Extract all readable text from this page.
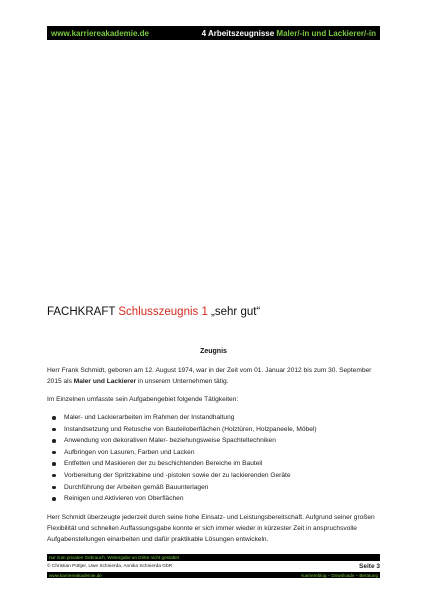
www.karriereakademie.de	4 Arbeitszeugnisse Maler/-in und Lackierer/-in
FACHKRAFT Schlusszeugnis 1 „sehr gut“
Zeugnis
Herr Frank Schmidt, geboren am 12. August 1974, war in der Zeit vom 01. Januar 2012 bis zum 30. September 2015 als Maler und Lackierer in unserem Unternehmen tätig.
Im Einzelnen umfasste sein Aufgabengebiet folgende Tätigkeiten:
Maler- und Lackierarbeiten im Rahmen der Instandhaltung
Instandsetzung und Retusche von Bauteiloberflächen (Holztüren, Holzpaneele, Möbel)
Anwendung von dekorativen Maler- beziehungsweise Spachteltechniken
Aufbringen von Lasuren, Farben und Lacken
Entfetten und Maskieren der zu beschichtenden Bereiche im Bauteil
Vorbereitung der Spritzkabine und -pistolen sowie der zu lackierenden Geräte
Durchführung der Arbeiten gemäß Bauunterlagen
Reinigen und Aktivieren von Oberflächen
Herr Schmidt überzeugte jederzeit durch seine hohe Einsatz- und Leistungsbereitschaft. Aufgrund seiner großen Flexibilität und schnellen Auffassungsgabe konnte er sich immer wieder in kürzester Zeit in anspruchsvolle Aufgabenstellungen einarbeiten und dafür praktikable Lösungen entwickeln.
nur zum privaten Gebrauch, Weitergabe an Dritte nicht gestattet
© Christian Püttjer, Uwe Schnierda, Annika Schnierda GbR	Seite 3
www.karriereakademie.de	Karriereblog – Downloads – Beratung
